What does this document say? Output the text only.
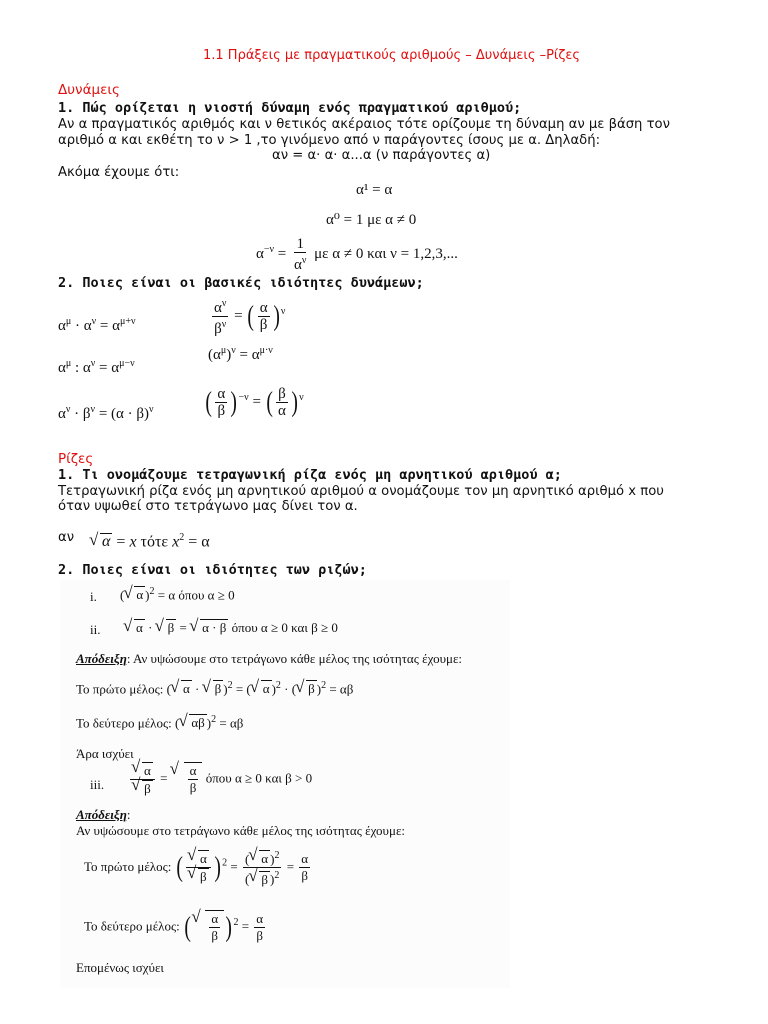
1.1 Πράξεις με πραγματικούς αριθμούς – Δυνάμεις –Ρίζες
Δυνάμεις
1. Πώς ορίζεται η νιοστή δύναμη ενός πραγματικού αριθμού;
Αν α πραγματικός αριθμός και ν θετικός ακέραιος τότε ορίζουμε τη δύναμη αν με βάση τον
αριθμό α και εκθέτη το ν > 1 ,το γινόμενο από ν παράγοντες ίσους με α. Δηλαδή:
αν = α· α· α...α (ν παράγοντες α)
Ακόμα έχουμε ότι:
α¹ = α
α⁰ = 1 με α ≠ 0
$\alpha^{-\nu} = \frac{1}{\alpha^\nu}$ με α ≠ 0 και ν = 1,2,3,...
2. Ποιες είναι οι βασικές ιδιότητες δυνάμεων;
$\alpha^\mu \cdot \alpha^\nu = \alpha^{\mu+\nu}$	$\frac{\alpha^\nu}{\beta^\nu}$ = ( $\frac{\alpha}{\beta} )^\nu$
$\alpha^\mu$ : $\alpha^\nu = \alpha^{\mu-\nu}$
$(\alpha^\mu)^\nu = \alpha^{\mu\cdot\nu}$
$\alpha^\nu \cdot \beta^\nu = (\alpha \cdot \beta)^\nu$ ( $\frac{\alpha}{\beta} )^{-\nu}$ = ( $\frac{\beta}{\alpha} )^\nu$
Ρίζες
1. Τι ονομάζουμε τετραγωνική ρίζα ενός μη αρνητικού αριθμού α;
Τετραγωνική ρίζα ενός μη αρνητικού αριθμού α ονομάζουμε τον μη αρνητικό αριθμό x που
όταν υψωθεί στο τετράγωνο μας δίνει τον α.
αν	√ α = x τότε $x^2 = \alpha$
2. Ποιες είναι οι ιδιότητες των ριζών;
i. ( √ α )$^2$ = α όπου α ≥ 0
ii.	√ α · √ β = √ α · β όπου α ≥ 0 και β ≥ 0
Απόδειξη: Αν υψώσουμε στο τετράγωνο κάθε μέλος της ισότητας έχουμε:
Το πρώτο μέλος: ( √ α · √ β )$^2$ = ( √ α )$^2$ · ( √ β )$^2$ = αβ
Το δεύτερο μέλος: ( √ αβ )$^2$ = αβ
Άρα ισχύει
iii. √ α
√ β = √ $\frac{\alpha}{\beta}$ όπου α ≥ 0 και β > 0
Απόδειξη:
Αν υψώσουμε στο τετράγωνο κάθε μέλος της ισότητας έχουμε:
Το πρώτο μέλος: ( √ α
√ β )$^2 = \frac{( √ \alpha )^2}{( √ \beta )^2} = \frac{\alpha}{\beta}$
Το δεύτερο μέλος: ( √ $\frac{\alpha}{\beta} )^2 = \frac{\alpha}{\beta}$
Επομένως ισχύει
